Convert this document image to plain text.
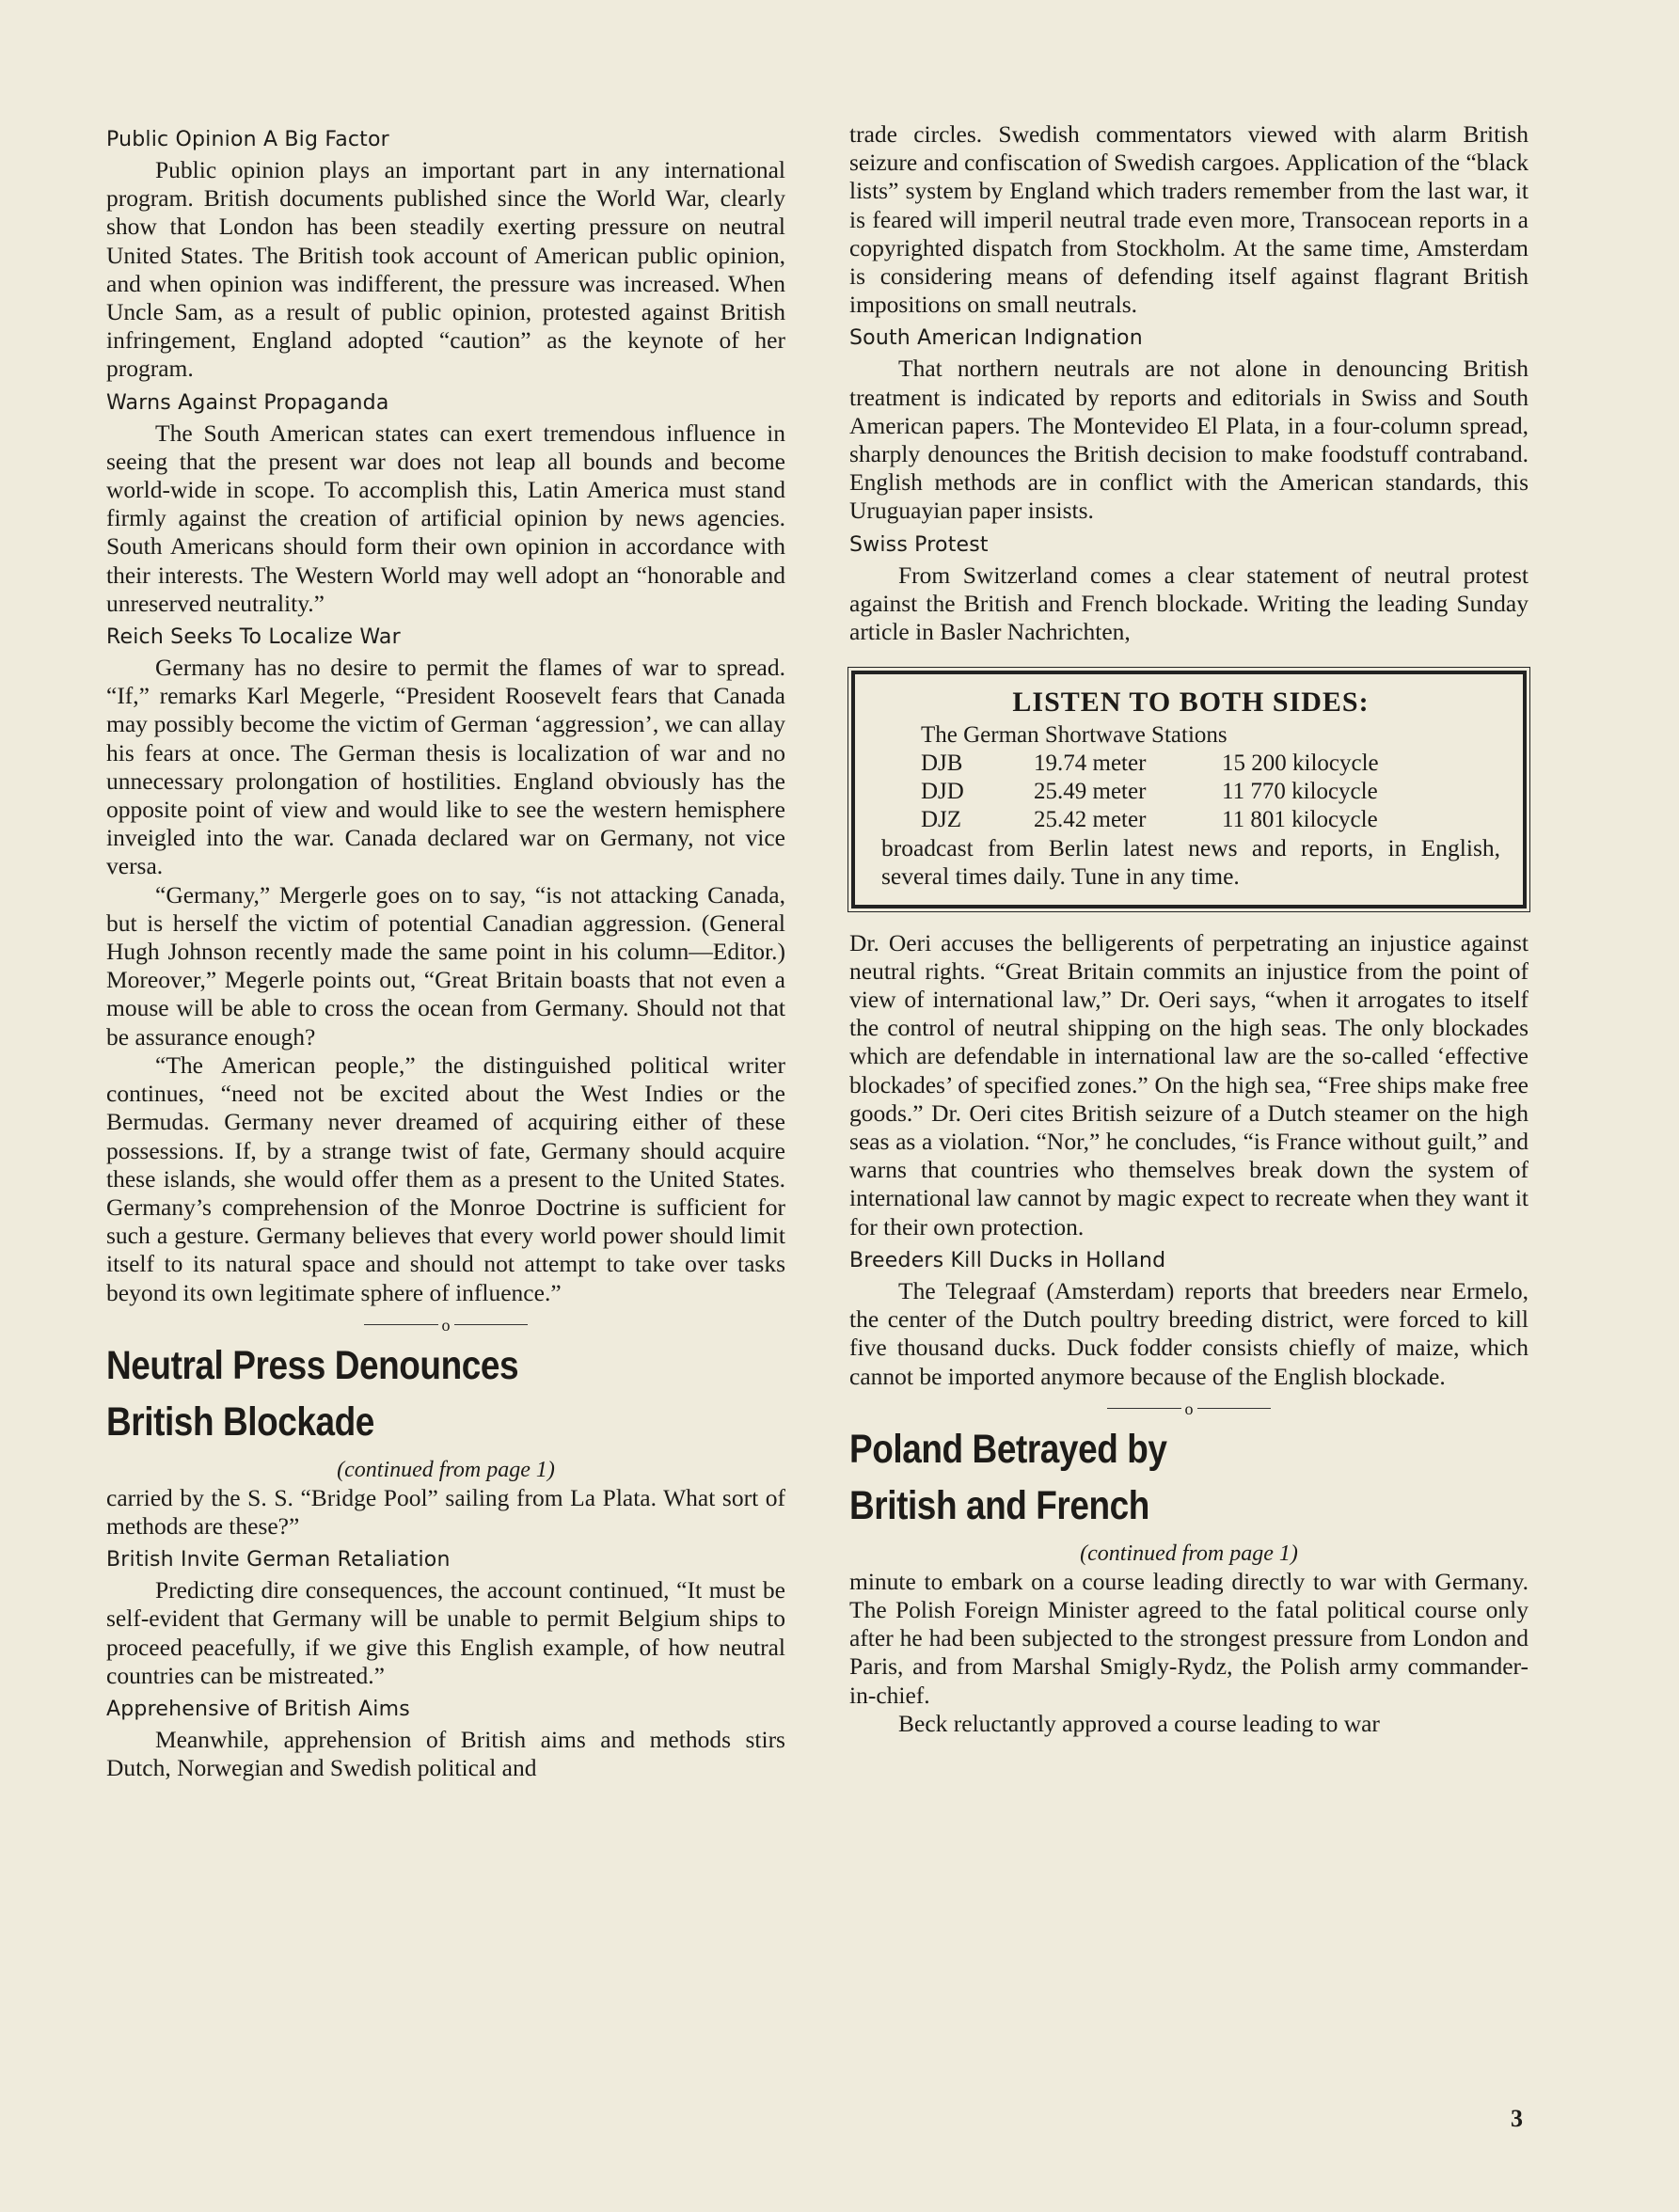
Public Opinion A Big Factor

Public opinion plays an important part in any international program. British documents published since the World War, clearly show that London has been steadily exerting pressure on neutral United States. The British took account of American public opinion, and when opinion was indifferent, the pressure was increased. When Uncle Sam, as a result of public opinion, protested against British infringement, England adopted “caution” as the keynote of her program.

Warns Against Propaganda

The South American states can exert tremendous influence in seeing that the present war does not leap all bounds and become world-wide in scope. To accomplish this, Latin America must stand firmly against the creation of artificial opinion by news agencies. South Americans should form their own opinion in accordance with their interests. The Western World may well adopt an “honorable and unreserved neutrality.”

Reich Seeks To Localize War

Germany has no desire to permit the flames of war to spread. “If,” remarks Karl Megerle, “President Roosevelt fears that Canada may possibly become the victim of German ‘aggression’, we can allay his fears at once. The German thesis is localization of war and no unnecessary prolongation of hostilities. England obviously has the opposite point of view and would like to see the western hemisphere inveigled into the war. Canada declared war on Germany, not vice versa.

“Germany,” Mergerle goes on to say, “is not attacking Canada, but is herself the victim of potential Canadian aggression. (General Hugh Johnson recently made the same point in his column—Editor.) Moreover,” Megerle points out, “Great Britain boasts that not even a mouse will be able to cross the ocean from Germany. Should not that be assurance enough?

“The American people,” the distinguished political writer continues, “need not be excited about the West Indies or the Bermudas. Germany never dreamed of acquiring either of these possessions. If, by a strange twist of fate, Germany should acquire these islands, she would offer them as a present to the United States. Germany’s comprehension of the Monroe Doctrine is sufficient for such a gesture. Germany believes that every world power should limit itself to its natural space and should not attempt to take over tasks beyond its own legitimate sphere of influence.”

o
Neutral Press Denounces
British Blockade
(continued from page 1)

carried by the S. S. “Bridge Pool” sailing from La Plata. What sort of methods are these?”

British Invite German Retaliation

Predicting dire consequences, the account continued, “It must be self-evident that Germany will be unable to permit Belgium ships to proceed peacefully, if we give this English example, of how neutral countries can be mistreated.”

Apprehensive of British Aims

Meanwhile, apprehension of British aims and methods stirs Dutch, Norwegian and Swedish political and

trade circles. Swedish commentators viewed with alarm British seizure and confiscation of Swedish cargoes. Application of the “black lists” system by England which traders remember from the last war, it is feared will imperil neutral trade even more, Transocean reports in a copyrighted dispatch from Stockholm. At the same time, Amsterdam is considering means of defending itself against flagrant British impositions on small neutrals.

South American Indignation

That northern neutrals are not alone in denouncing British treatment is indicated by reports and editorials in Swiss and South American papers. The Montevideo El Plata, in a four-column spread, sharply denounces the British decision to make foodstuff contraband. English methods are in conflict with the American standards, this Uruguayian paper insists.

Swiss Protest

From Switzerland comes a clear statement of neutral protest against the British and French blockade. Writing the leading Sunday article in Basler Nachrichten,

LISTEN TO BOTH SIDES:
The German Shortwave Stations
DJB	19.74 meter	15 200 kilocycle
DJD	25.49 meter	11 770 kilocycle
DJZ	25.42 meter	11 801 kilocycle

broadcast from Berlin latest news and reports, in English, several times daily. Tune in any time.

Dr. Oeri accuses the belligerents of perpetrating an injustice against neutral rights. “Great Britain commits an injustice from the point of view of international law,” Dr. Oeri says, “when it arrogates to itself the control of neutral shipping on the high seas. The only blockades which are defendable in international law are the so-called ‘effective blockades’ of specified zones.” On the high sea, “Free ships make free goods.” Dr. Oeri cites British seizure of a Dutch steamer on the high seas as a violation. “Nor,” he concludes, “is France without guilt,” and warns that countries who themselves break down the system of international law cannot by magic expect to recreate when they want it for their own protection.

Breeders Kill Ducks in Holland

The Telegraaf (Amsterdam) reports that breeders near Ermelo, the center of the Dutch poultry breeding district, were forced to kill five thousand ducks. Duck fodder consists chiefly of maize, which cannot be imported anymore because of the English blockade.

o
Poland Betrayed by
British and French
(continued from page 1)

minute to embark on a course leading directly to war with Germany. The Polish Foreign Minister agreed to the fatal political course only after he had been subjected to the strongest pressure from London and Paris, and from Marshal Smigly-Rydz, the Polish army commander-in-chief.

Beck reluctantly approved a course leading to war

3
